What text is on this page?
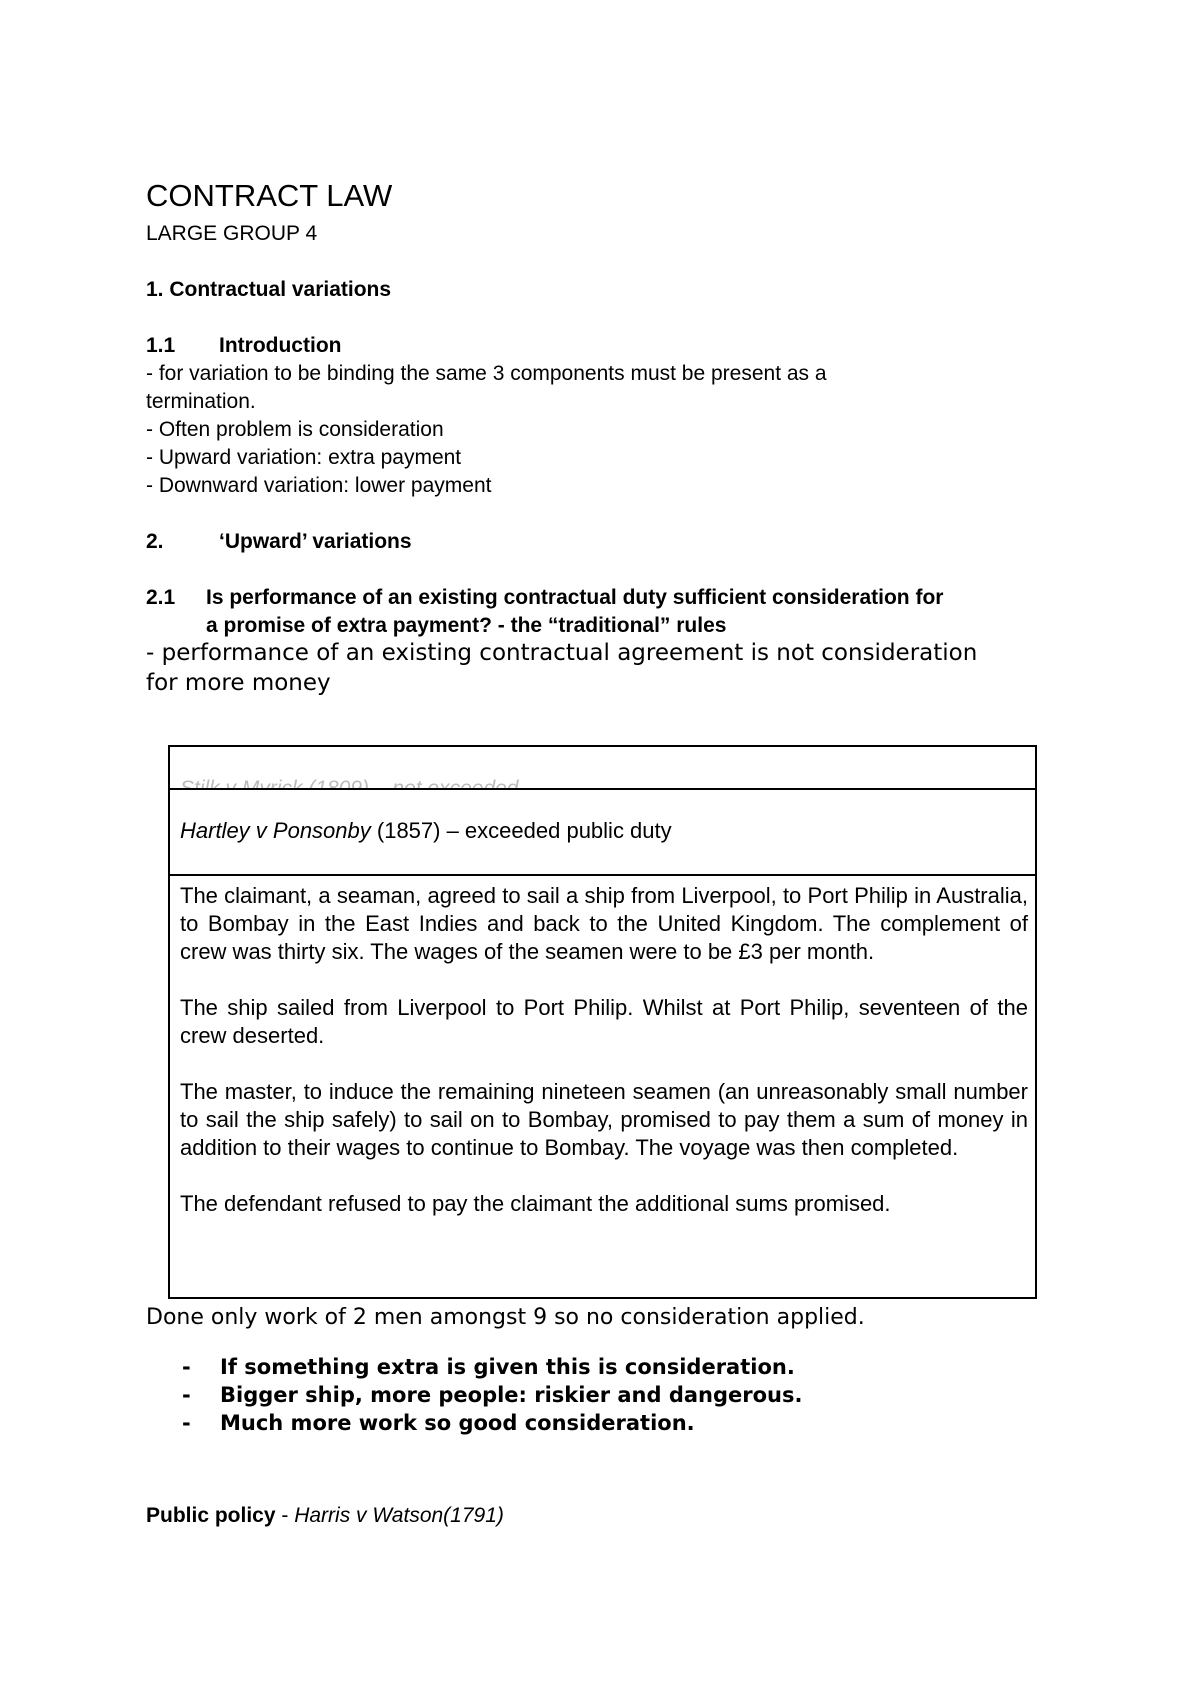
CONTRACT LAW

LARGE GROUP 4

1. Contractual variations

1.1 Introduction

- for variation to be binding the same 3 components must be present as a
termination.
- Often problem is consideration
- Upward variation: extra payment
- Downward variation: lower payment

2.	‘Upward’ variations

2.1 Is performance of an existing contractual duty sufficient consideration for

a promise of extra payment? - the “traditional” rules

- performance of an existing contractual agreement is not consideration
for more money

Hartley v Ponsonby (1857) – exceeded public duty

The claimant, a seaman, agreed to sail a ship from Liverpool, to Port Philip in Australia, to Bombay in the East Indies and back to the United Kingdom. The complement of crew was thirty six. The wages of the seamen were to be £3 per month.

The ship sailed from Liverpool to Port Philip. Whilst at Port Philip, seventeen of the crew deserted.

The master, to induce the remaining nineteen seamen (an unreasonably small number to sail the ship safely) to sail on to Bombay, promised to pay them a sum of money in addition to their wages to continue to Bombay. The voyage was then completed.

The defendant refused to pay the claimant the additional sums promised.

Done only work of 2 men amongst 9 so no consideration applied.

- If something extra is given this is consideration.
- Bigger ship, more people: riskier and dangerous.
- Much more work so good consideration.

Public policy - Harris v Watson(1791)
